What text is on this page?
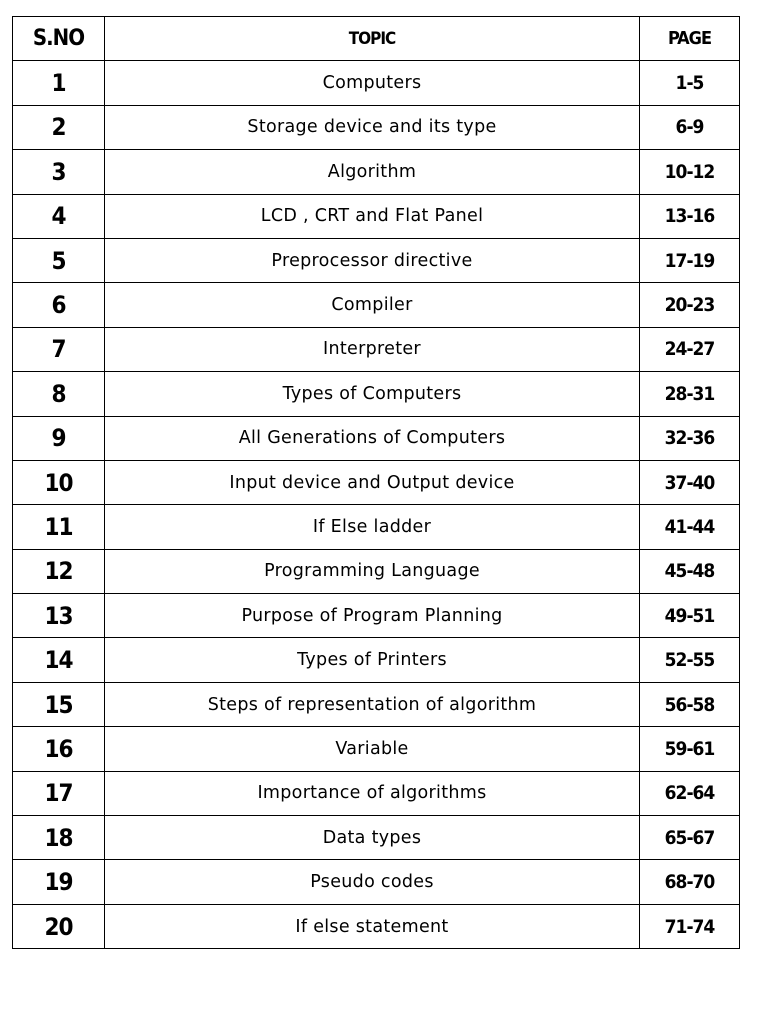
S.NO	TOPIC	PAGE
1	Computers	1-5
2	Storage device and its type	6-9
3	Algorithm	10-12
4	LCD , CRT and Flat Panel	13-16
5	Preprocessor directive	17-19
6	Compiler	20-23
7	Interpreter	24-27
8	Types of Computers	28-31
9	All Generations of Computers	32-36
10	Input device and Output device	37-40
11	If Else ladder	41-44
12	Programming Language	45-48
13	Purpose of Program Planning	49-51
14	Types of Printers	52-55
15	Steps of representation of algorithm	56-58
16	Variable	59-61
17	Importance of algorithms	62-64
18	Data types	65-67
19	Pseudo codes	68-70
20	If else statement	71-74
